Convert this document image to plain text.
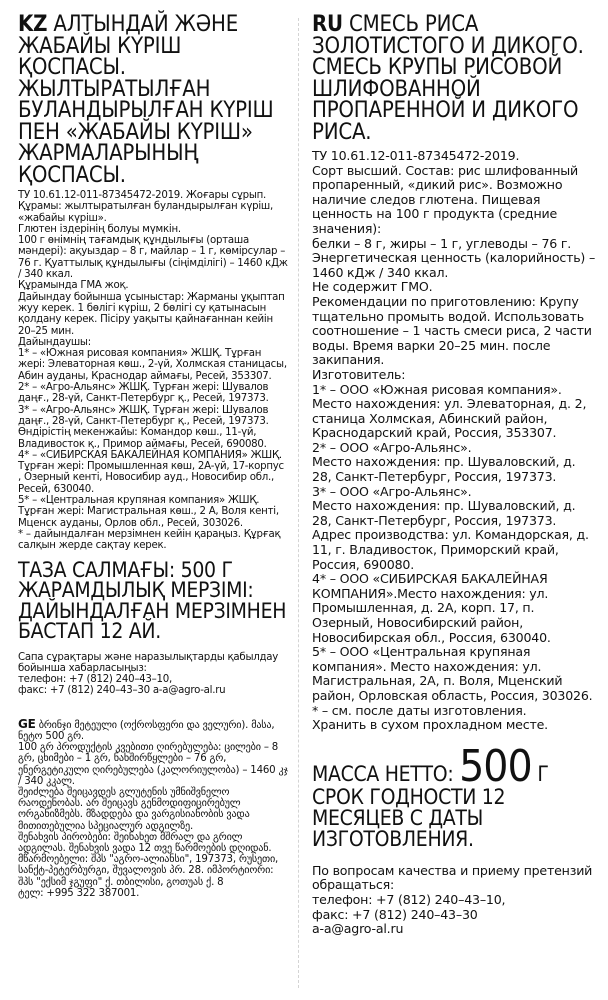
KZ АЛТЫНДАЙ ЖӘНЕ ЖАБАЙЫ КҮРІШ ҚОСПАСЫ. ЖЫЛТЫРАТЫЛҒАН БУЛАНДЫРЫЛҒАН КҮРІШ ПЕН «ЖАБАЙЫ КҮРІШ» ЖАРМАЛАРЫНЫҢ ҚОСПАСЫ.
ТУ 10.61.12-011-87345472-2019. Жоғары сұрып. Құрамы: жылтыратылған буландырылған күріш, «жабайы күріш».
Глютен іздерінің болуы мүмкін.
100 г өнімнің тағамдық құндылығы (орташа мәндері): ақуыздар – 8 г, майлар – 1 г, көмірсулар – 76 г. Қуаттылық құндылығы (сіңімділігі) – 1460 кДж / 340 ккал.
Құрамында ГМА жоқ.
Дайындау бойынша ұсыныстар: Жарманы ұқыптап жуу керек. 1 бөлігі күріш, 2 бөлігі су қатынасын қолдану керек. Пісіру уақыты қайнағаннан кейін 20–25 мин.
Дайындаушы:
1* – «Южная рисовая компания» ЖШҚ. Тұрған жері: Элеваторная көш., 2-үй, Холмская станицасы, Абин ауданы, Краснодар аймағы, Ресей, 353307.
2* – «Агро-Альянс» ЖШҚ. Тұрған жері: Шувалов даңғ., 28-үй, Санкт-Петербург қ., Ресей, 197373.
3* – «Агро-Альянс» ЖШҚ. Тұрған жері: Шувалов даңғ., 28-үй, Санкт-Петербург қ., Ресей, 197373. Өндірістің мекенжайы: Командор көш., 11-үй, Владивосток қ., Примор аймағы, Ресей, 690080.
4* – «СИБИРСКАЯ БАКАЛЕЙНАЯ КОМПАНИЯ» ЖШҚ. Тұрған жері: Промышленная көш, 2А-үй, 17-корпус , Озерный кенті, Новосибир ауд., Новосибир обл., Ресей, 630040.
5* – «Центральная крупяная компания» ЖШҚ. Тұрған жері: Магистральная көш., 2 А, Воля кенті, Мценск ауданы, Орлов обл., Ресей, 303026.
* – дайындалған мерзімнен кейін қараңыз. Құрғақ салқын жерде сақтау керек.
ТАЗА САЛМАҒЫ: 500 Г
ЖАРАМДЫЛЫҚ МЕРЗІМІ: ДАЙЫНДАЛҒАН МЕРЗІМНЕН БАСТАП 12 АЙ.
Сапа сұрақтары және наразылықтарды қабылдау бойынша хабарласыңыз:
телефон: +7 (812) 240–43–10,
факс: +7 (812) 240–43–30 a-a@agro-al.ru
GE ბრინჯი მეტეული (ოქროსფერი და ველური). მასა, ნეტო 500 გრ.
100 გრ პროდუქტის კვებითი ღირებულება: ცილები – 8 გრ, ცხიმები – 1 გრ, ნახშირწყლები – 76 გრ, ენერგეტიკული ღირებულება (კალორიულობა) – 1460 კჯ / 340 კკალ.
შეიძლება შეიცავდეს გლუტენის უმნიშვნელო რაოდენობას. არ შეიცავს გენმოდიფიცირებულ ორგანიზმებს. მზადდება და ვარგისიანობის ვადა მითითებულია სპეციალურ ადგილზე.
შენახვის პირობები: შეინახეთ მშრალ და გრილ ადგილას. შენახვის ვადა 12 თვე წარმოების დღიდან.
მწარმოებელი: შპს "აგრო-ალიანსი", 197373, რუსეთი, სანქტ-პეტერბურგი, შუვალოვის პრ. 28. იმპორტიორი: შპს "ექსიმ ჯგუფი" ქ. თბილისი, გოთუას ქ. 8
ტელ: +995 322 387001.
RU СМЕСЬ РИСА ЗОЛОТИСТОГО И ДИКОГО. СМЕСЬ КРУПЫ РИСОВОЙ ШЛИФОВАННОЙ ПРОПАРЕННОЙ И ДИКОГО РИСА.
ТУ 10.61.12-011-87345472-2019.
Сорт высший. Состав: рис шлифованный пропаренный, «дикий рис». Возможно наличие следов глютена. Пищевая ценность на 100 г продукта (средние значения):
белки – 8 г, жиры – 1 г, углеводы – 76 г.
Энергетическая ценность (калорийность) – 1460 кДж / 340 ккал.
Не содержит ГМО.
Рекомендации по приготовлению: Крупу тщательно промыть водой. Использовать соотношение – 1 часть смеси риса, 2 части воды. Время варки 20–25 мин. после закипания.
Изготовитель:
1* – ООО «Южная рисовая компания». Место нахождения: ул. Элеваторная, д. 2, станица Холмская, Абинский район, Краснодарский край, Россия, 353307.
2* – ООО «Агро-Альянс».
Место нахождения: пр. Шуваловский, д. 28, Санкт-Петербург, Россия, 197373.
3* – ООО «Агро-Альянс».
Место нахождения: пр. Шуваловский, д. 28, Санкт-Петербург, Россия, 197373. Адрес производства: ул. Командорская, д. 11, г. Владивосток, Приморский край, Россия, 690080.
4* – ООО «СИБИРСКАЯ БАКАЛЕЙНАЯ КОМПАНИЯ».Место нахождения: ул. Промышленная, д. 2А, корп. 17, п. Озерный, Новосибирский район, Новосибирская обл., Россия, 630040.
5* – ООО «Центральная крупяная компания». Место нахождения: ул. Магистральная, 2А, п. Воля, Мценский район, Орловская область, Россия, 303026.
* – см. после даты изготовления.
Хранить в сухом прохладном месте.
МАССА НЕТТО: 500 Г
СРОК ГОДНОСТИ 12 МЕСЯЦЕВ С ДАТЫ ИЗГОТОВЛЕНИЯ.
По вопросам качества и приему претензий обращаться:
телефон: +7 (812) 240–43–10,
факс: +7 (812) 240–43–30
a-a@agro-al.ru
